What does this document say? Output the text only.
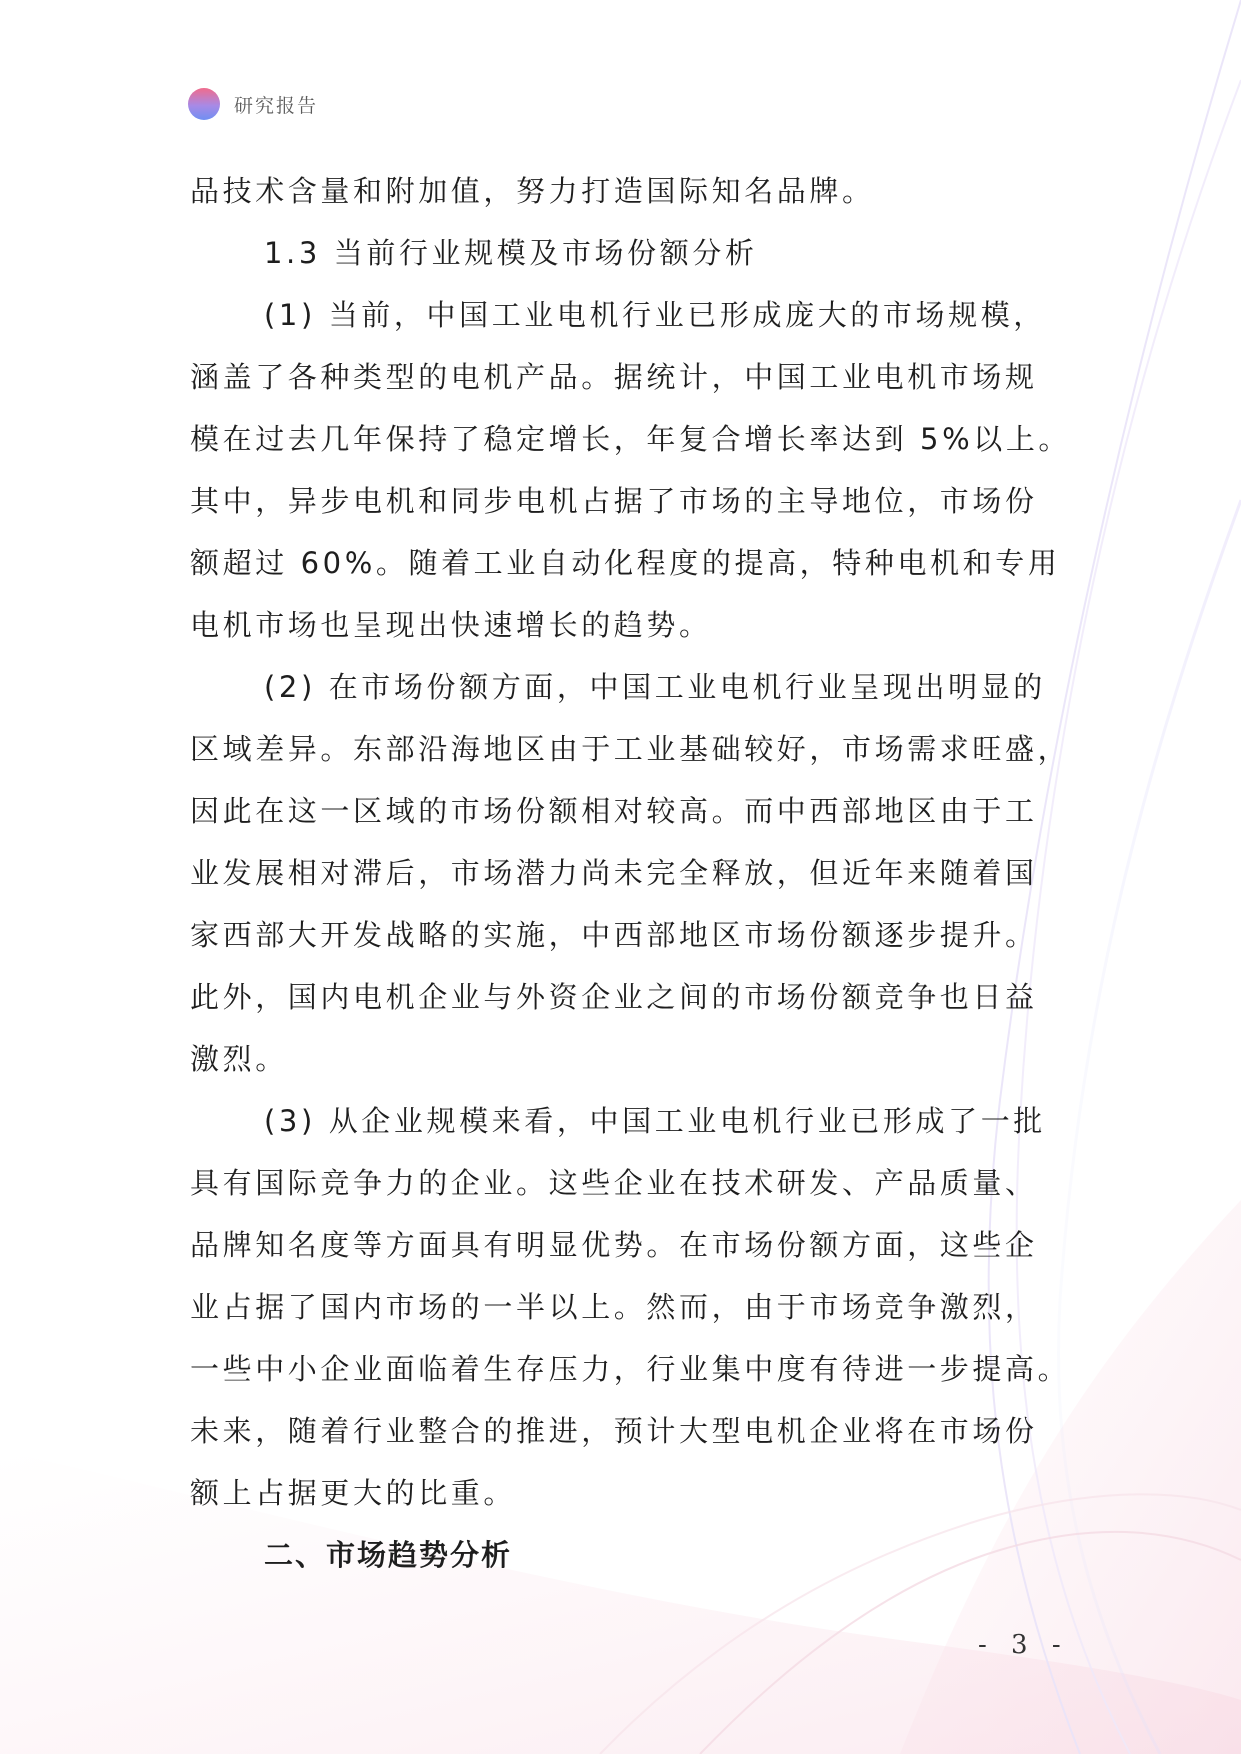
研究报告
品技术含量和附加值，努力打造国际知名品牌。
1.3 当前行业规模及市场份额分析
(1) 当前，中国工业电机行业已形成庞大的市场规模，
涵盖了各种类型的电机产品。据统计，中国工业电机市场规
模在过去几年保持了稳定增长，年复合增长率达到 5%以上。
其中，异步电机和同步电机占据了市场的主导地位，市场份
额超过 60%。随着工业自动化程度的提高，特种电机和专用
电机市场也呈现出快速增长的趋势。
(2) 在市场份额方面，中国工业电机行业呈现出明显的
区域差异。东部沿海地区由于工业基础较好，市场需求旺盛，
因此在这一区域的市场份额相对较高。而中西部地区由于工
业发展相对滞后，市场潜力尚未完全释放，但近年来随着国
家西部大开发战略的实施，中西部地区市场份额逐步提升。
此外，国内电机企业与外资企业之间的市场份额竞争也日益
激烈。
(3) 从企业规模来看，中国工业电机行业已形成了一批
具有国际竞争力的企业。这些企业在技术研发、产品质量、
品牌知名度等方面具有明显优势。在市场份额方面，这些企
业占据了国内市场的一半以上。然而，由于市场竞争激烈，
一些中小企业面临着生存压力，行业集中度有待进一步提高。
未来，随着行业整合的推进，预计大型电机企业将在市场份
额上占据更大的比重。
二、市场趋势分析
- 3 -
